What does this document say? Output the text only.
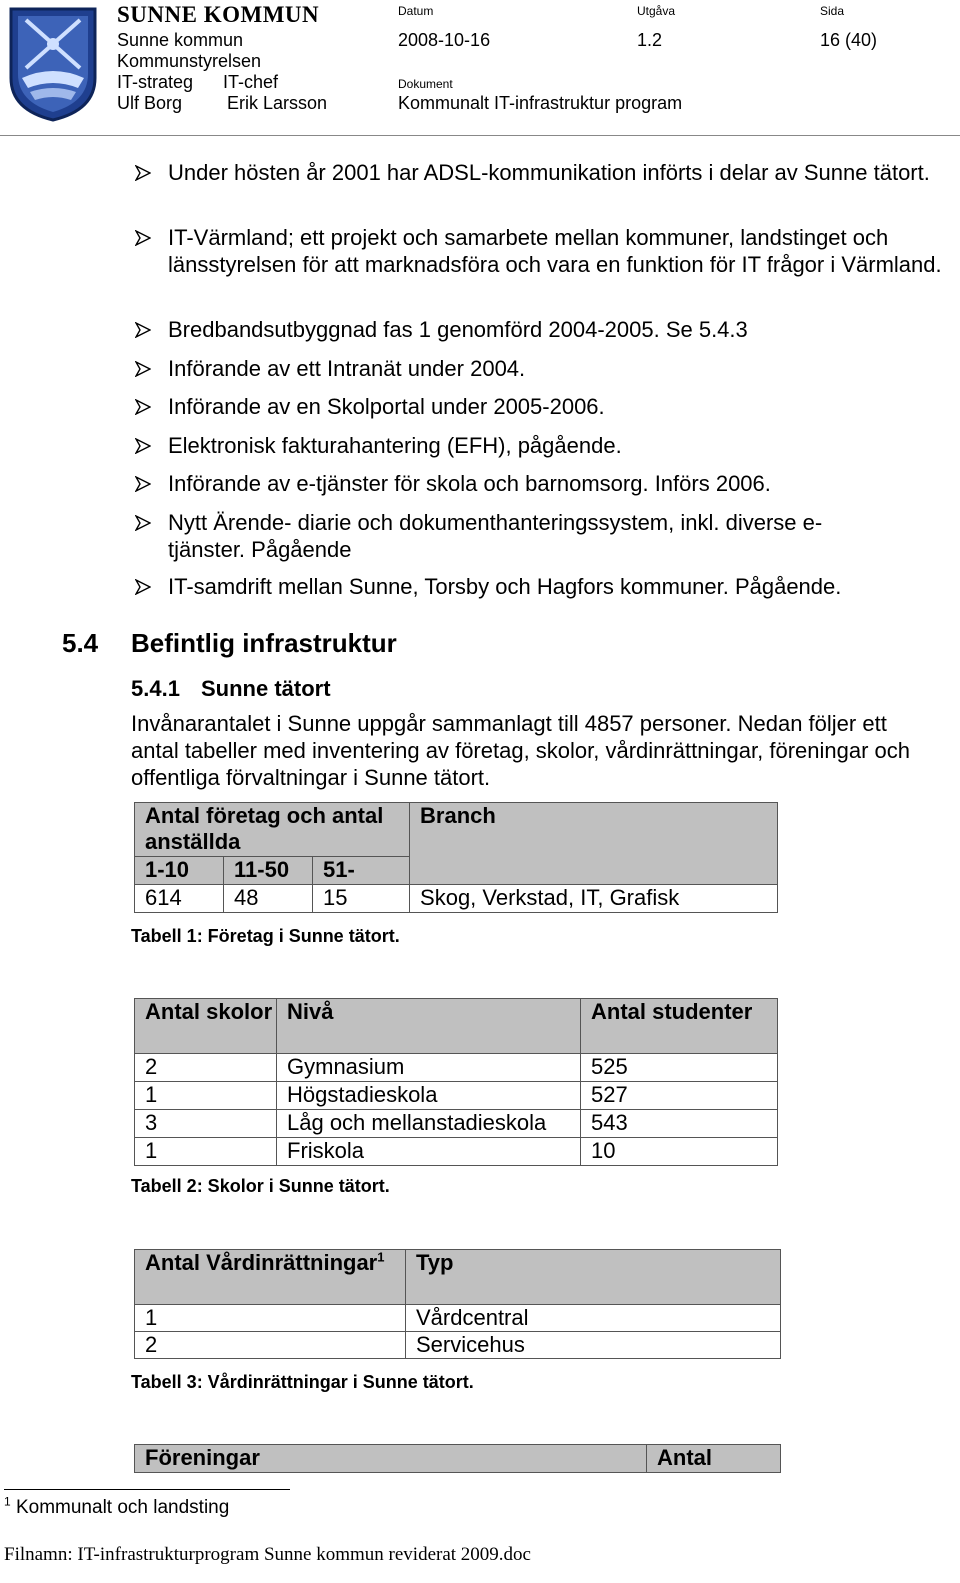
SUNNE KOMMUN
Sunne kommun
Kommunstyrelsen
IT-strateg IT-chef
Ulf Borg Erik Larsson
Datum
2008-10-16
Utgåva
1.2
Sida
16 (40)
Dokument
Kommunalt IT-infrastruktur program
Under hösten år 2001 har ADSL-kommunikation införts i delar av Sunne tätort.
IT-Värmland; ett projekt och samarbete mellan kommuner, landstinget och länsstyrelsen för att marknadsföra och vara en funktion för IT frågor i Värmland.
Bredbandsutbyggnad fas 1 genomförd 2004-2005. Se 5.4.3
Införande av ett Intranät under 2004.
Införande av en Skolportal under 2005-2006.
Elektronisk fakturahantering (EFH), pågående.
Införande av e-tjänster för skola och barnomsorg. Införs 2006.
Nytt Ärende- diarie och dokumenthanteringssystem, inkl. diverse e-tjänster. Pågående
IT-samdrift mellan Sunne, Torsby och Hagfors kommuner. Pågående.
5.4 Befintlig infrastruktur
5.4.1 Sunne tätort
Invånarantalet i Sunne uppgår sammanlagt till 4857 personer. Nedan följer ett antal tabeller med inventering av företag, skolor, vårdinrättningar, föreningar och offentliga förvaltningar i Sunne tätort.
Antal företag och antal anställda			Branch
1-10	11-50	51-	
614	48	15	Skog, Verkstad, IT, Grafisk
Tabell 1: Företag i Sunne tätort.
Antal skolor	Nivå	Antal studenter
2	Gymnasium	525
1	Högstadieskola	527
3	Låg och mellanstadieskola	543
1	Friskola	10
Tabell 2: Skolor i Sunne tätort.
Antal Vårdinrättningar$^1$	Typ
1	Vårdcentral
2	Servicehus
Tabell 3: Vårdinrättningar i Sunne tätort.
Föreningar	Antal
$^1$ Kommunalt och landsting
Filnamn: IT-infrastrukturprogram Sunne kommun reviderat 2009.doc
